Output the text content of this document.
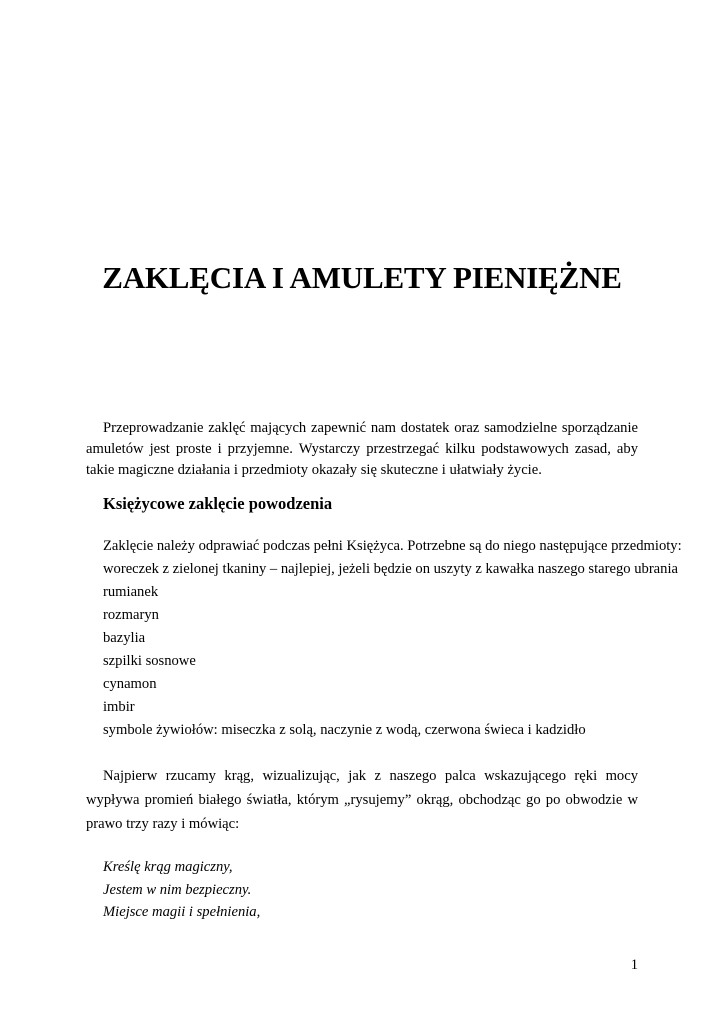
ZAKLĘCIA I AMULETY PIENIĘŻNE

Przeprowadzanie zaklęć mających zapewnić nam dostatek oraz samodzielne sporządzanie amuletów jest proste i przyjemne. Wystarczy przestrzegać kilku podstawowych zasad, aby takie magiczne działania i przedmioty okazały się skuteczne i ułatwiały życie.

Księżycowe zaklęcie powodzenia

Zaklęcie należy odprawiać podczas pełni Księżyca. Potrzebne są do niego następujące przedmioty:

woreczek z zielonej tkaniny – najlepiej, jeżeli będzie on uszyty z kawałka naszego starego ubrania
rumianek
rozmaryn
bazylia
szpilki sosnowe
cynamon
imbir
symbole żywiołów: miseczka z solą, naczynie z wodą, czerwona świeca i kadzidło

Najpierw rzucamy krąg, wizualizując, jak z naszego palca wskazującego ręki mocy wypływa promień białego światła, którym „rysujemy” okrąg, obchodząc go po obwodzie w prawo trzy razy i mówiąc:

Kreślę krąg magiczny,
Jestem w nim bezpieczny.
Miejsce magii i spełnienia,

1
